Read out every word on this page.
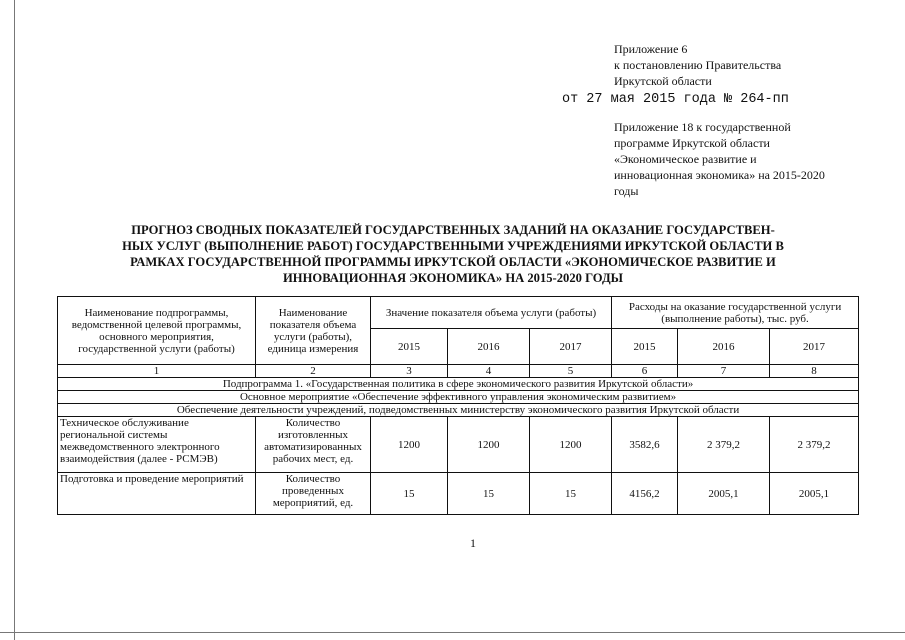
Приложение 6
к постановлению Правительства
Иркутской области
от 27 мая 2015 года № 264-пп
Приложение 18 к государственной
программе Иркутской области
«Экономическое развитие и
инновационная экономика» на 2015-2020
годы
ПРОГНОЗ СВОДНЫХ ПОКАЗАТЕЛЕЙ ГОСУДАРСТВЕННЫХ ЗАДАНИЙ НА ОКАЗАНИЕ ГОСУДАРСТВЕН-
НЫХ УСЛУГ (ВЫПОЛНЕНИЕ РАБОТ) ГОСУДАРСТВЕННЫМИ УЧРЕЖДЕНИЯМИ ИРКУТСКОЙ ОБЛАСТИ В
РАМКАХ ГОСУДАРСТВЕННОЙ ПРОГРАММЫ ИРКУТСКОЙ ОБЛАСТИ «ЭКОНОМИЧЕСКОЕ РАЗВИТИЕ И
ИННОВАЦИОННАЯ ЭКОНОМИКА» НА 2015-2020 ГОДЫ
Наименование подпрограммы, ведомственной целевой программы, основного мероприятия, государственной услуги (работы)	Наименование показателя объема услуги (работы), единица измерения	Значение показателя объема услуги (работы)			Расходы на оказание государственной услуги (выполнение работы), тыс. руб.		
		2015	2016	2017	2015	2016	2017
1	2	3	4	5	6	7	8
Подпрограмма 1. «Государственная политика в сфере экономического развития Иркутской области»							
Основное мероприятие «Обеспечение эффективного управления экономическим развитием»							
Обеспечение деятельности учреждений, подведомственных министерству экономического развития Иркутской области							
Техническое обслуживание региональной системы межведомственного электронного взаимодействия (далее - РСМЭВ)	Количество изготовленных автоматизированных рабочих мест, ед.	1200	1200	1200	3582,6	2 379,2	2 379,2
Подготовка и проведение мероприятий	Количество проведенных мероприятий, ед.	15	15	15	4156,2	2005,1	2005,1
1
